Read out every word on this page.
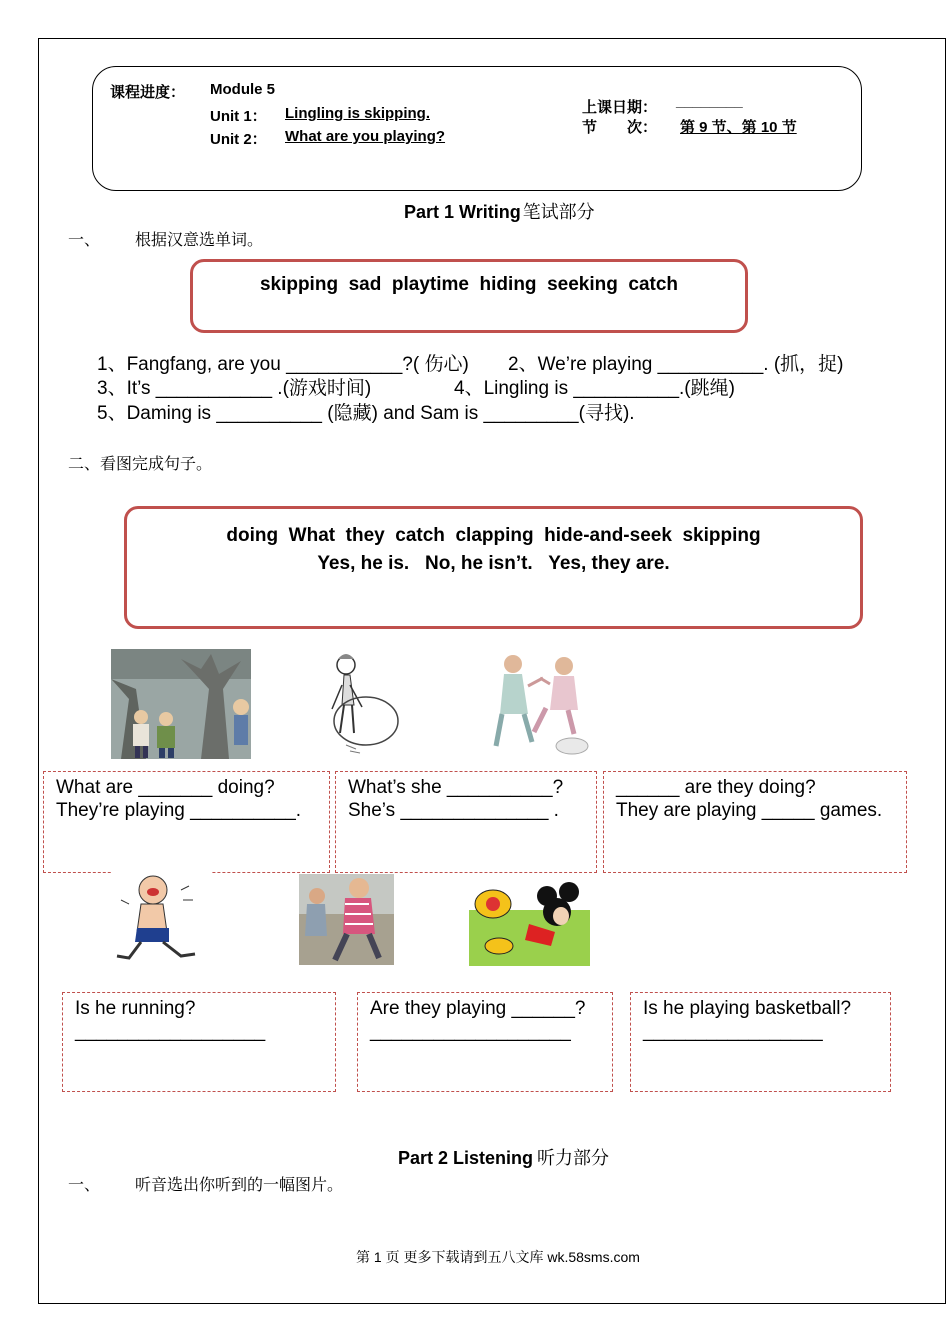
课程进度： Module 5
Unit 1： Lingling is skipping.
Unit 2： What are you playing?
上课日期： ________
节　　次： 第 9 节、第 10 节
Part 1 Writing 笔试部分
一、 根据汉意选单词。
skipping  sad  playtime  hiding  seeking  catch
1、Fangfang, are you ___________?( 伤心) 2、We’re playing __________. (抓，捉)
3、It’s ___________ .(游戏时间)	4、Lingling is __________.(跳绳)
5、Daming is __________ (隐藏) and Sam is _________(寻找).
二、看图完成句子。
doing  What  they  catch  clapping  hide-and-seek  skipping
Yes, he is.   No, he isn’t.   Yes, they are.
What are _______ doing?
They’re playing __________.
What’s she __________?
She’s ______________ .
______ are they doing?
They are playing _____ games.
Is he running?
__________________
Are they playing ______?
___________________
Is he playing basketball?
_________________
Part 2 Listening 听力部分
一、 听音选出你听到的一幅图片。
第 1 页 更多下载请到五八文库 wk.58sms.com
